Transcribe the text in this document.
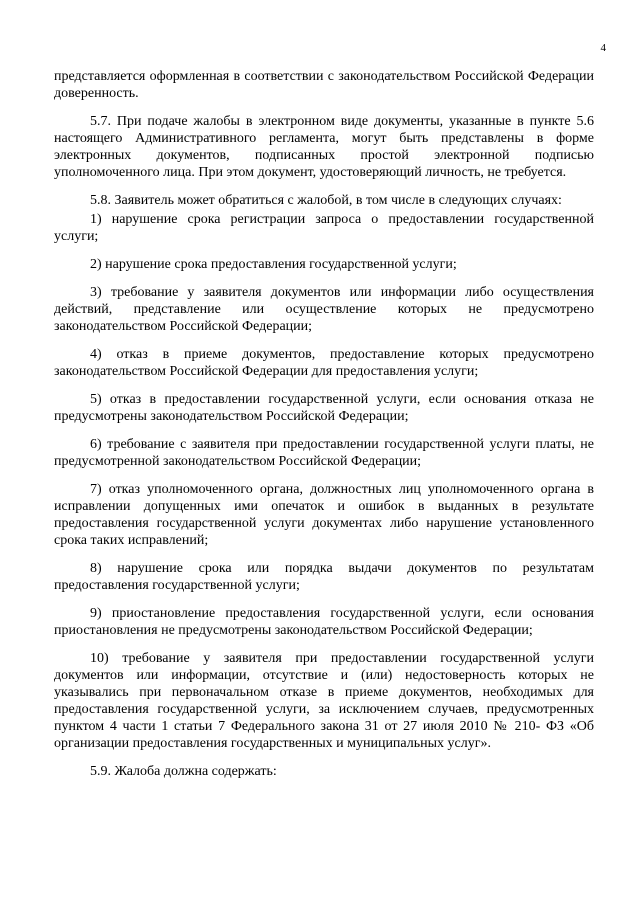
4

представляется оформленная в соответствии с законодательством Российской Федерации доверенность.

5.7. При подаче жалобы в электронном виде документы, указанные в пункте 5.6 настоящего Административного регламента, могут быть представлены в форме электронных документов, подписанных простой электронной подписью уполномоченного лица. При этом документ, удостоверяющий личность, не требуется.

5.8. Заявитель может обратиться с жалобой, в том числе в следующих случаях:

1) нарушение срока регистрации запроса о предоставлении государственной услуги;

2) нарушение срока предоставления государственной услуги;

3) требование у заявителя документов или информации либо осуществления действий, представление или осуществление которых не предусмотрено законодательством Российской Федерации;

4) отказ в приеме документов, предоставление которых предусмотрено законодательством Российской Федерации для предоставления услуги;

5) отказ в предоставлении государственной услуги, если основания отказа не предусмотрены законодательством Российской Федерации;

6) требование с заявителя при предоставлении государственной услуги платы, не предусмотренной законодательством Российской Федерации;

7) отказ уполномоченного органа, должностных лиц уполномоченного органа в исправлении допущенных ими опечаток и ошибок в выданных в результате предоставления государственной услуги документах либо нарушение установленного срока таких исправлений;

8) нарушение срока или порядка выдачи документов по результатам предоставления государственной услуги;

9) приостановление предоставления государственной услуги, если основания приостановления не предусмотрены законодательством Российской Федерации;

10) требование у заявителя при предоставлении государственной услуги документов или информации, отсутствие и (или) недостоверность которых не указывались при первоначальном отказе в приеме документов, необходимых для предоставления государственной услуги, за исключением случаев, предусмотренных пунктом 4 части 1 статьи 7 Федерального закона 31 от 27 июля 2010 № 210- ФЗ «Об организации предоставления государственных и муниципальных услуг».

5.9. Жалоба должна содержать:
